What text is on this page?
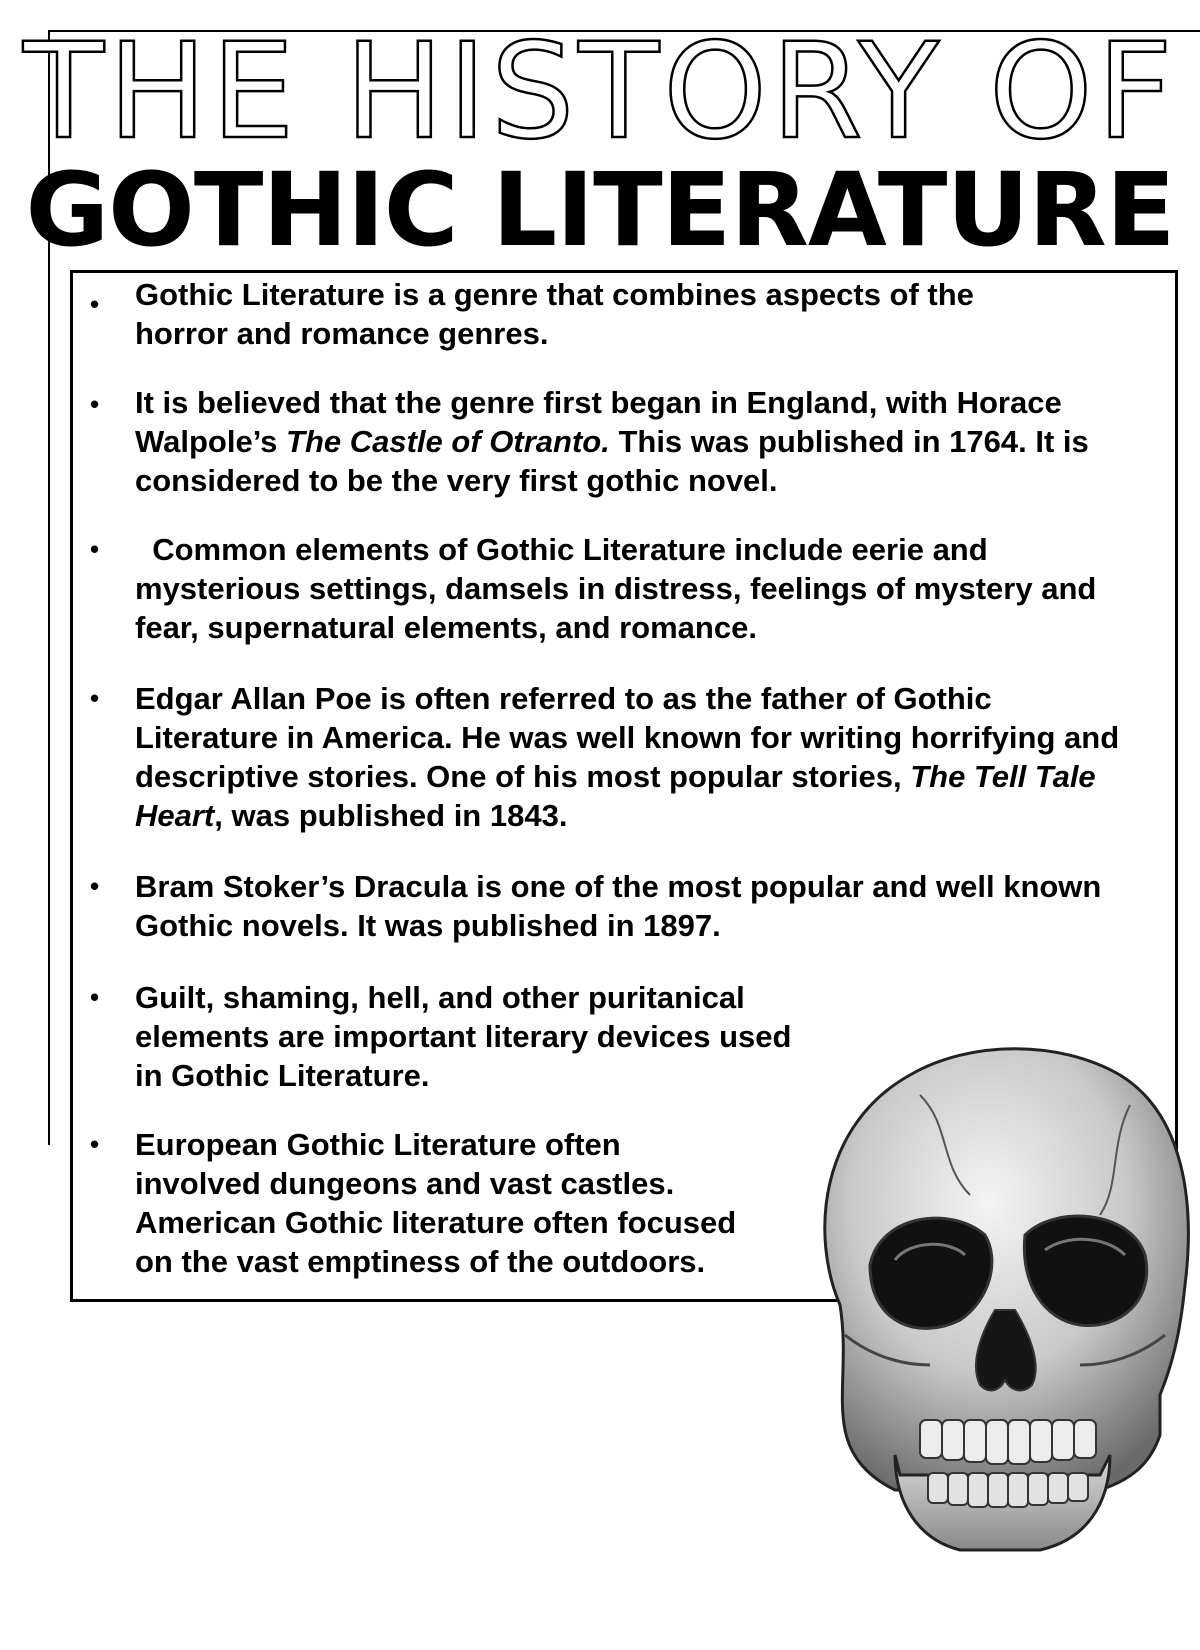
THE HISTORY OF
GOTHIC LITERATURE
• Gothic Literature is a genre that combines aspects of the horror and romance genres.

• It is believed that the genre first began in England, with Horace Walpole’s The Castle of Otranto. This was published in 1764. It is considered to be the very first gothic novel.

• Common elements of Gothic Literature include eerie and mysterious settings, damsels in distress, feelings of mystery and fear, supernatural elements, and romance.

• Edgar Allan Poe is often referred to as the father of Gothic Literature in America. He was well known for writing horrifying and descriptive stories. One of his most popular stories, The Tell Tale Heart, was published in 1843.

• Bram Stoker’s Dracula is one of the most popular and well known Gothic novels. It was published in 1897.

• Guilt, shaming, hell, and other puritanical elements are important literary devices used in Gothic Literature.

• European Gothic Literature often involved dungeons and vast castles. American Gothic literature often focused on the vast emptiness of the outdoors.
